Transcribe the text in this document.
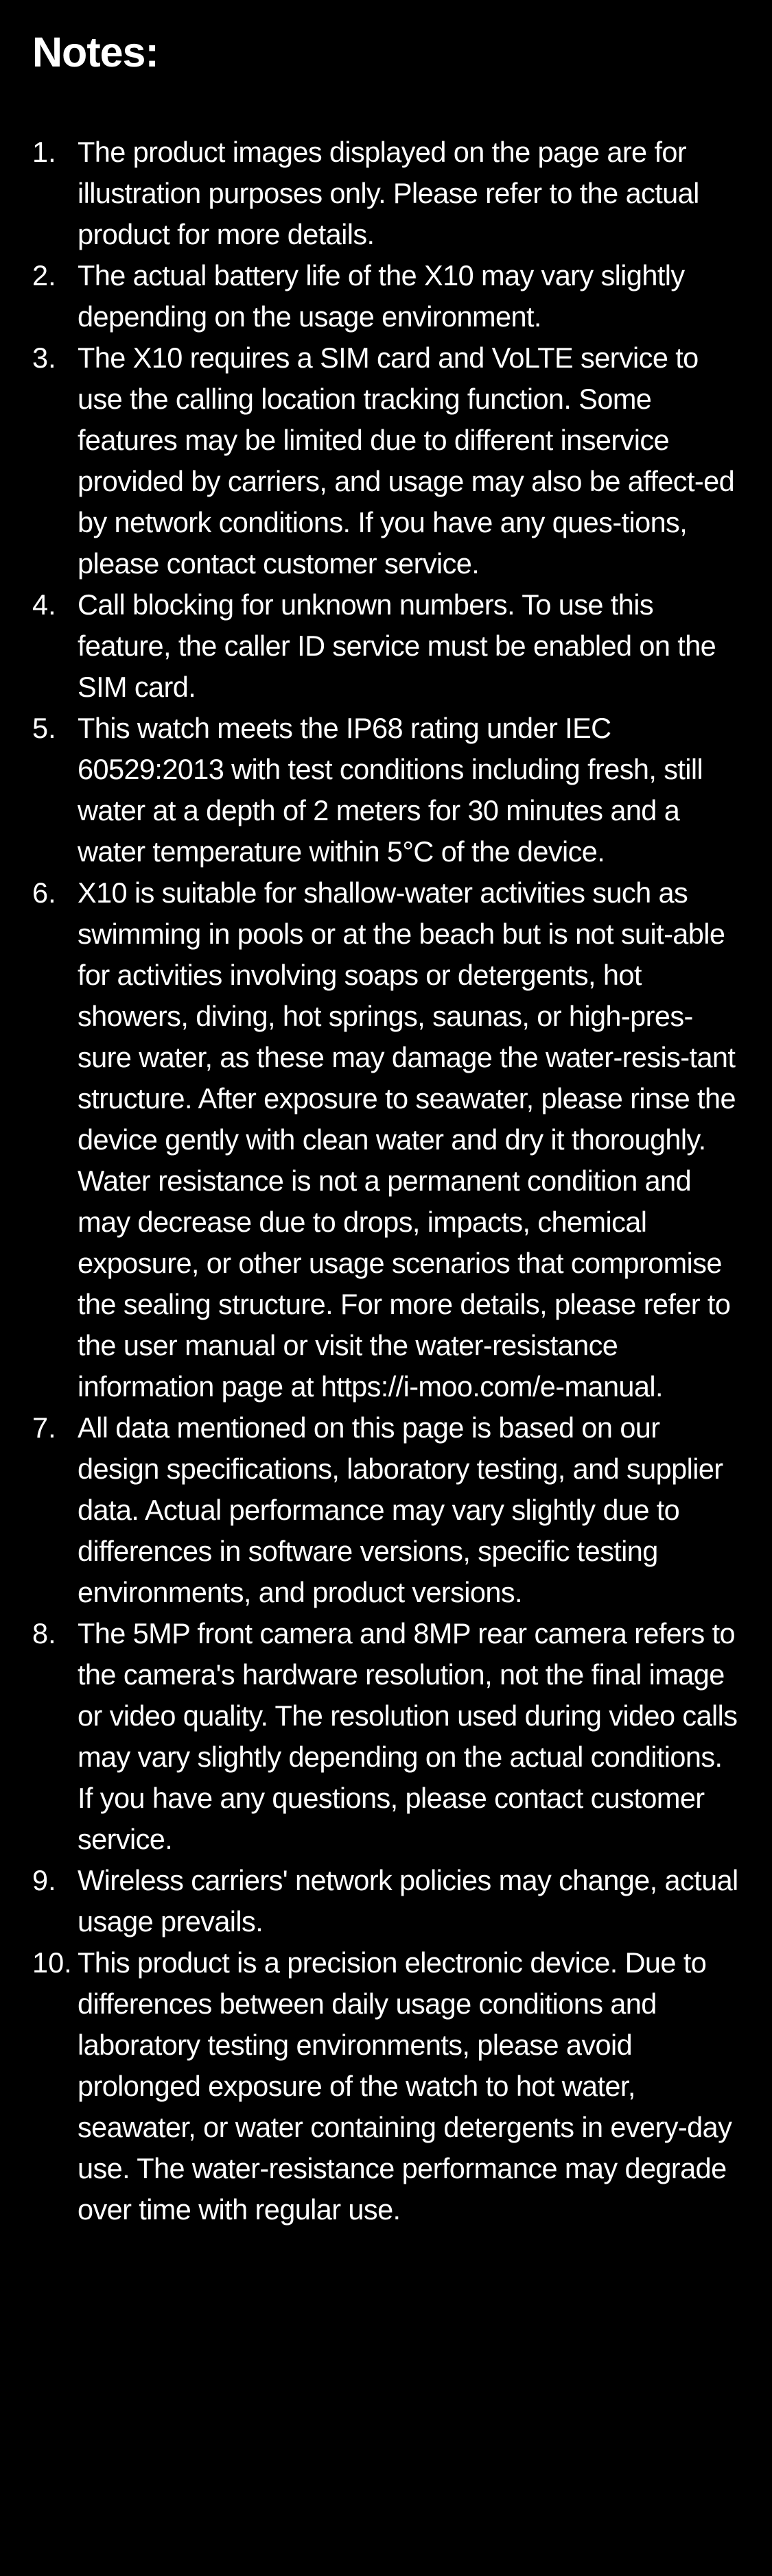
Notes:
1. The product images displayed on the page are for illustration purposes only. Please refer to the actual product for more details.
2. The actual battery life of the X10 may vary slightly depending on the usage environment.
3. The X10 requires a SIM card and VoLTE service to use the calling location tracking function. Some features may be limited due to different inservice provided by carriers, and usage may also be affect-ed by network conditions. If you have any ques-tions, please contact customer service.
4. Call blocking for unknown numbers. To use this feature, the caller ID service must be enabled on the SIM card.
5. This watch meets the IP68 rating under IEC 60529:2013 with test conditions including fresh, still water at a depth of 2 meters for 30 minutes and a water temperature within 5°C of the device.
6. X10 is suitable for shallow-water activities such as swimming in pools or at the beach but is not suit-able for activities involving soaps or detergents, hot showers, diving, hot springs, saunas, or high-pres-sure water, as these may damage the water-resis-tant structure. After exposure to seawater, please rinse the device gently with clean water and dry it thoroughly. Water resistance is not a permanent condition and may decrease due to drops, impacts, chemical exposure, or other usage scenarios that compromise the sealing structure. For more details, please refer to the user manual or visit the water-resistance information page at https://i-moo.com/e-manual.
7. All data mentioned on this page is based on our design specifications, laboratory testing, and supplier data. Actual performance may vary slightly due to differences in software versions, specific testing environments, and product versions.
8. The 5MP front camera and 8MP rear camera refers to the camera's hardware resolution, not the final image or video quality. The resolution used during video calls may vary slightly depending on the actual conditions. If you have any questions, please contact customer service.
9. Wireless carriers' network policies may change, actual usage prevails.
10. This product is a precision electronic device. Due to differences between daily usage conditions and laboratory testing environments, please avoid prolonged exposure of the watch to hot water, seawater, or water containing detergents in every-day use. The water-resistance performance may degrade over time with regular use.
